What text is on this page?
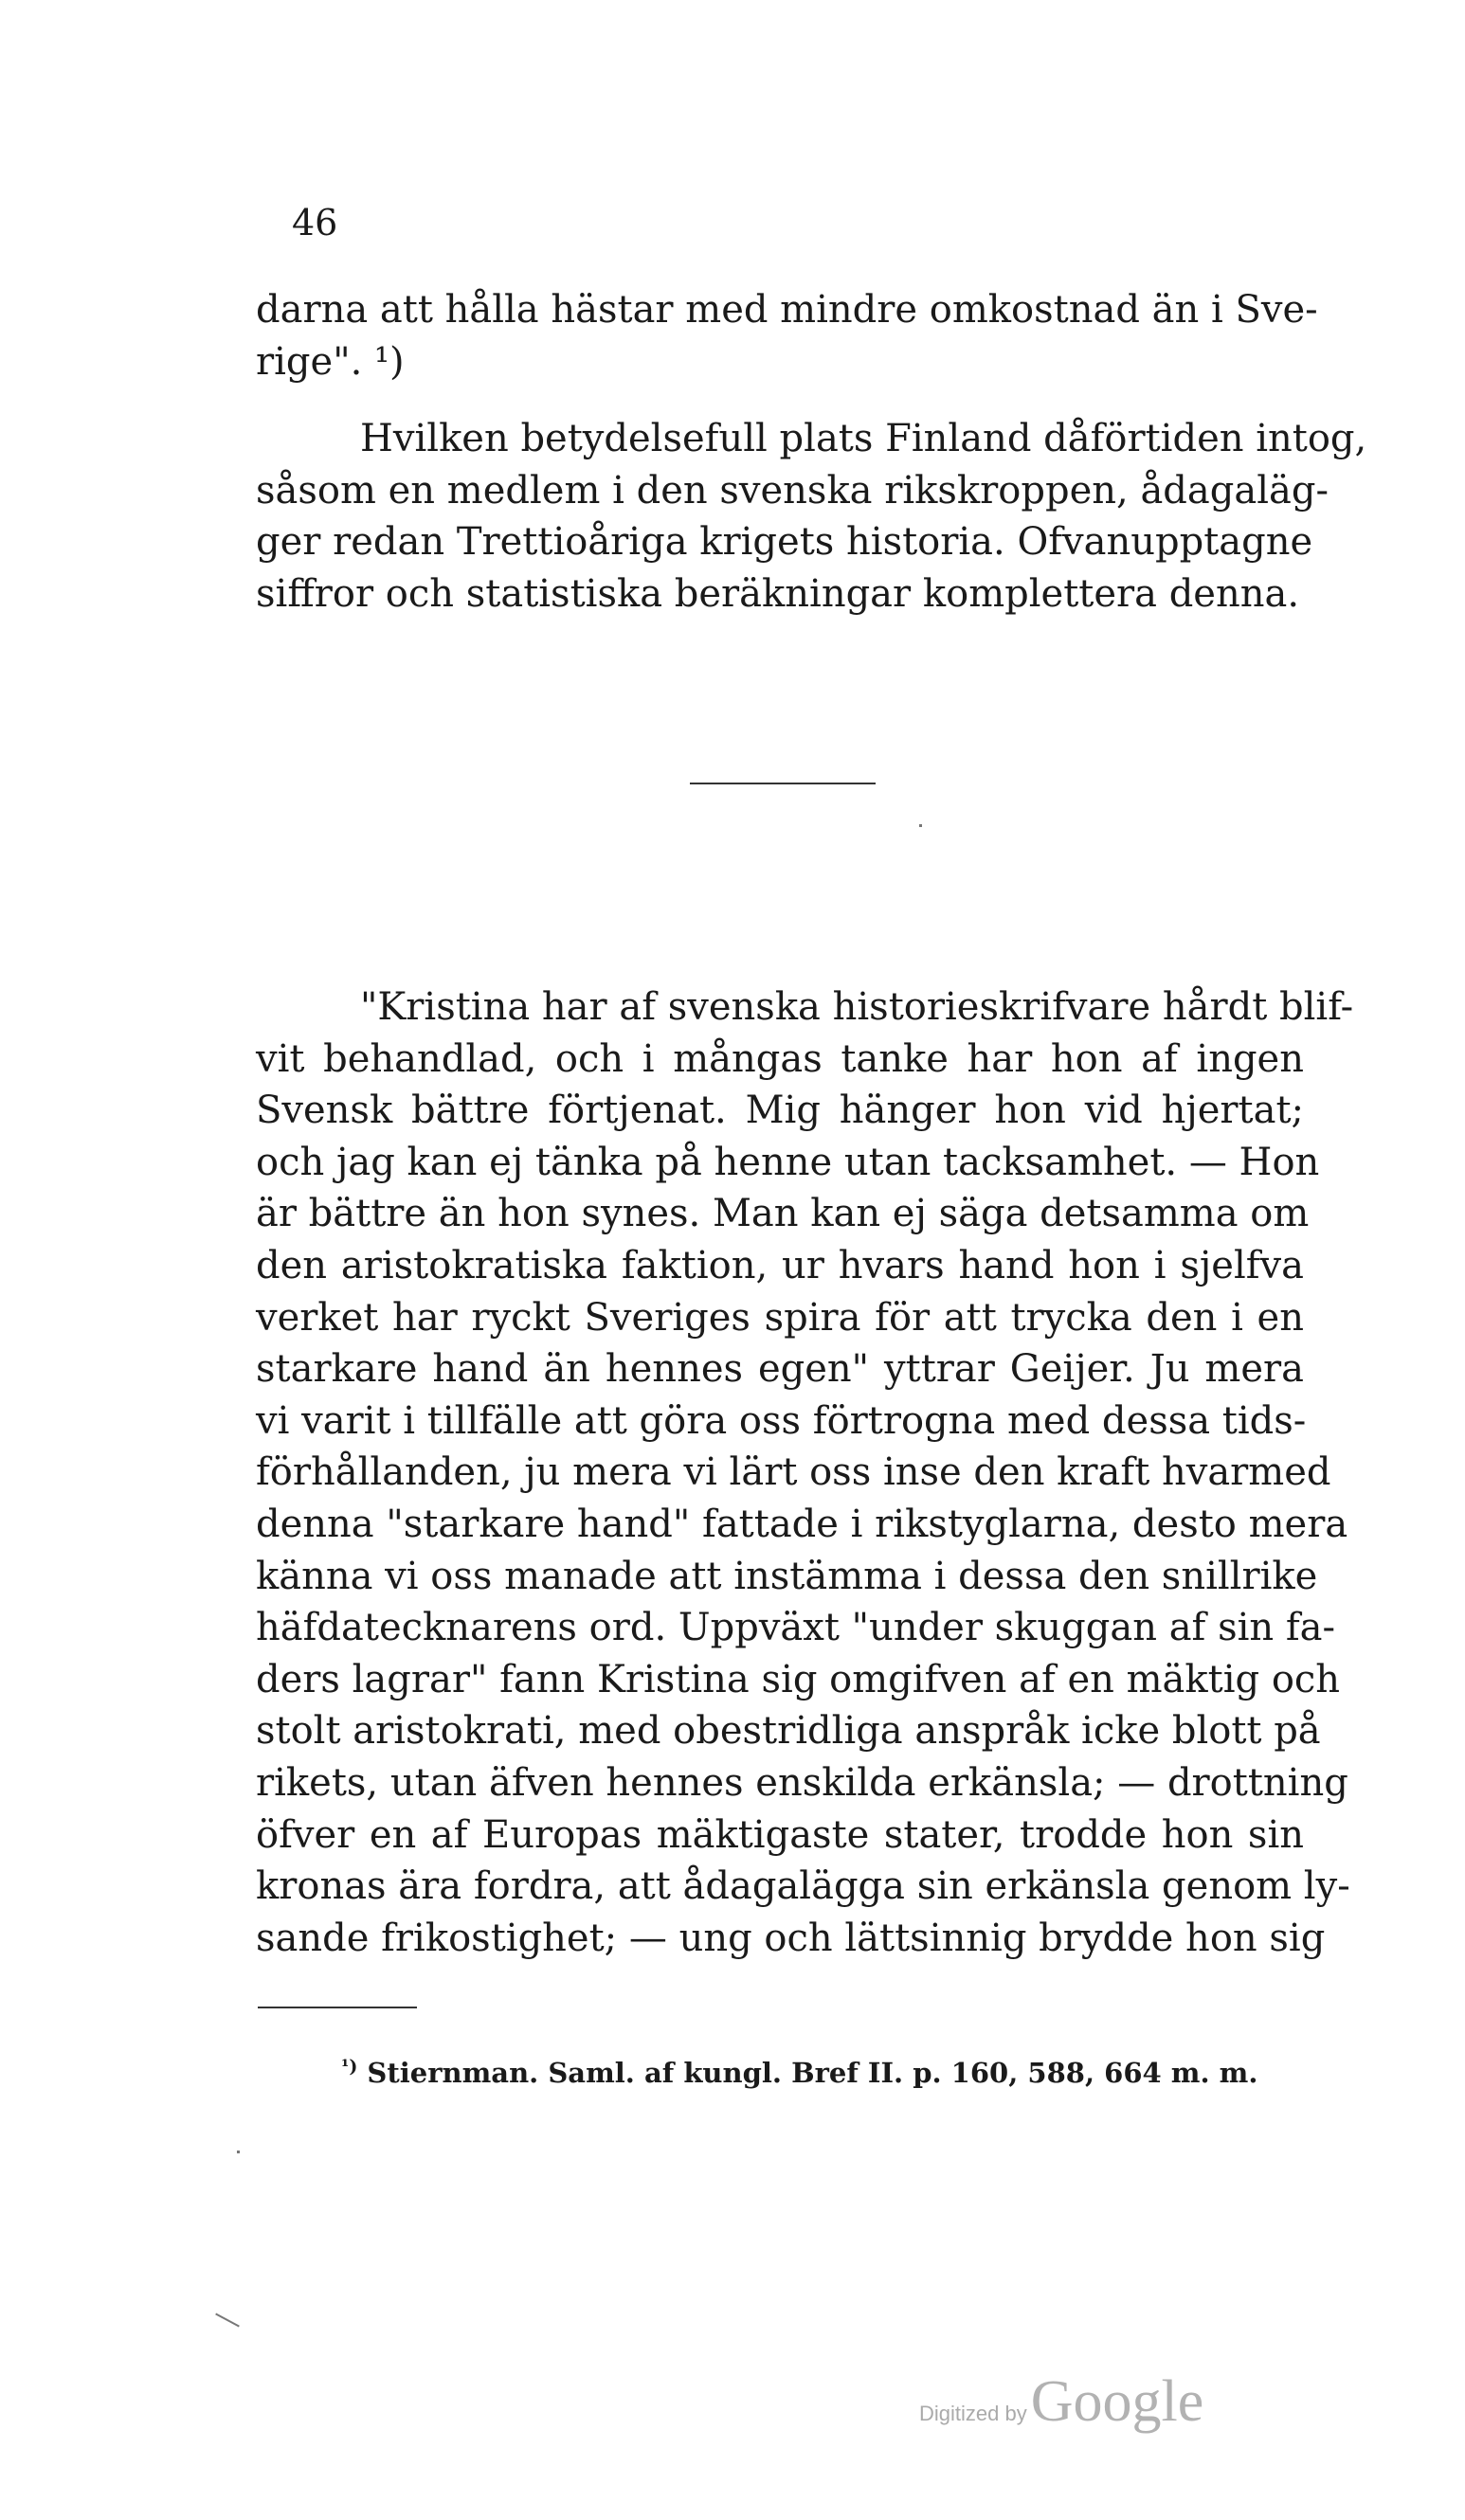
46
darna att hålla hästar med mindre omkostnad än i Sve-
rige". ¹)
Hvilken betydelsefull plats Finland dåförtiden intog,
såsom en medlem i den svenska rikskroppen, ådagaläg-
ger redan Trettioåriga krigets historia. Ofvanupptagne
siffror och statistiska beräkningar komplettera denna.
"Kristina har af svenska historieskrifvare hårdt blif-
vit behandlad, och i mångas tanke har hon af ingen
Svensk bättre förtjenat. Mig hänger hon vid hjertat;
och jag kan ej tänka på henne utan tacksamhet. — Hon
är bättre än hon synes. Man kan ej säga detsamma om
den aristokratiska faktion, ur hvars hand hon i sjelfva
verket har ryckt Sveriges spira för att trycka den i en
starkare hand än hennes egen" yttrar Geijer. Ju mera
vi varit i tillfälle att göra oss förtrogna med dessa tids-
förhållanden, ju mera vi lärt oss inse den kraft hvarmed
denna "starkare hand" fattade i rikstyglarna, desto mera
känna vi oss manade att instämma i dessa den snillrike
häfdatecknarens ord. Uppväxt "under skuggan af sin fa-
ders lagrar" fann Kristina sig omgifven af en mäktig och
stolt aristokrati, med obestridliga anspråk icke blott på
rikets, utan äfven hennes enskilda erkänsla; — drottning
öfver en af Europas mäktigaste stater, trodde hon sin
kronas ära fordra, att ådagalägga sin erkänsla genom ly-
sande frikostighet; — ung och lättsinnig brydde hon sig
$^{^1)}$ Stiernman. Saml. af kungl. Bref II. p. 160, 588, 664 m. m.
Digitized by Google
